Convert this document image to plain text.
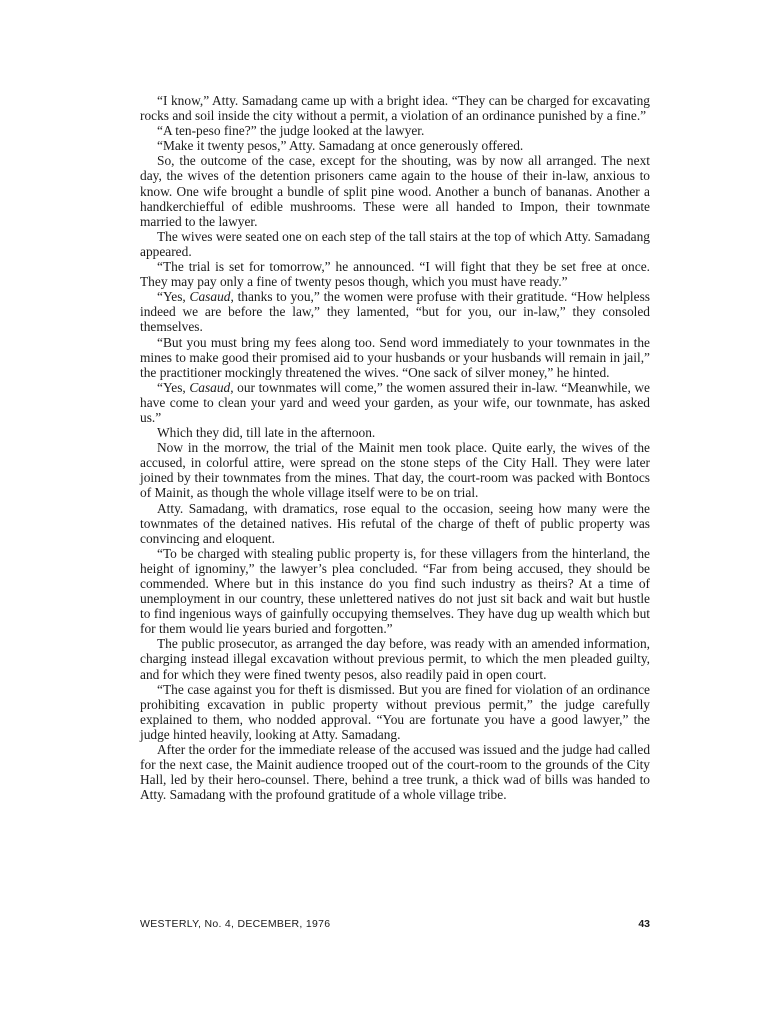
“I know,” Atty. Samadang came up with a bright idea. “They can be charged for excavating rocks and soil inside the city without a permit, a violation of an ordinance punished by a fine.”

“A ten-peso fine?” the judge looked at the lawyer.

“Make it twenty pesos,” Atty. Samadang at once generously offered.

So, the outcome of the case, except for the shouting, was by now all arranged. The next day, the wives of the detention prisoners came again to the house of their in-law, anxious to know. One wife brought a bundle of split pine wood. Another a bunch of bananas. Another a handkerchiefful of edible mushrooms. These were all handed to Impon, their townmate married to the lawyer.

The wives were seated one on each step of the tall stairs at the top of which Atty. Samadang appeared.

“The trial is set for tomorrow,” he announced. “I will fight that they be set free at once. They may pay only a fine of twenty pesos though, which you must have ready.”

“Yes, Casaud, thanks to you,” the women were profuse with their gratitude. “How helpless indeed we are before the law,” they lamented, “but for you, our in-law,” they consoled themselves.

“But you must bring my fees along too. Send word immediately to your townmates in the mines to make good their promised aid to your husbands or your husbands will remain in jail,” the practitioner mockingly threatened the wives. “One sack of silver money,” he hinted.

“Yes, Casaud, our townmates will come,” the women assured their in-law. “Meanwhile, we have come to clean your yard and weed your garden, as your wife, our townmate, has asked us.”

Which they did, till late in the afternoon.

Now in the morrow, the trial of the Mainit men took place. Quite early, the wives of the accused, in colorful attire, were spread on the stone steps of the City Hall. They were later joined by their townmates from the mines. That day, the court-room was packed with Bontocs of Mainit, as though the whole village itself were to be on trial.

Atty. Samadang, with dramatics, rose equal to the occasion, seeing how many were the townmates of the detained natives. His refutal of the charge of theft of public property was convincing and eloquent.

“To be charged with stealing public property is, for these villagers from the hinterland, the height of ignominy,” the lawyer’s plea concluded. “Far from being accused, they should be commended. Where but in this instance do you find such industry as theirs? At a time of unemployment in our country, these unlettered natives do not just sit back and wait but hustle to find ingenious ways of gainfully occupying themselves. They have dug up wealth which but for them would lie years buried and forgotten.”

The public prosecutor, as arranged the day before, was ready with an amended information, charging instead illegal excavation without previous permit, to which the men pleaded guilty, and for which they were fined twenty pesos, also readily paid in open court.

“The case against you for theft is dismissed. But you are fined for violation of an ordinance prohibiting excavation in public property without previous permit,” the judge carefully explained to them, who nodded approval. “You are fortunate you have a good lawyer,” the judge hinted heavily, looking at Atty. Samadang.

After the order for the immediate release of the accused was issued and the judge had called for the next case, the Mainit audience trooped out of the court-room to the grounds of the City Hall, led by their hero-counsel. There, behind a tree trunk, a thick wad of bills was handed to Atty. Samadang with the profound gratitude of a whole village tribe.

WESTERLY, No. 4, DECEMBER, 1976	43
